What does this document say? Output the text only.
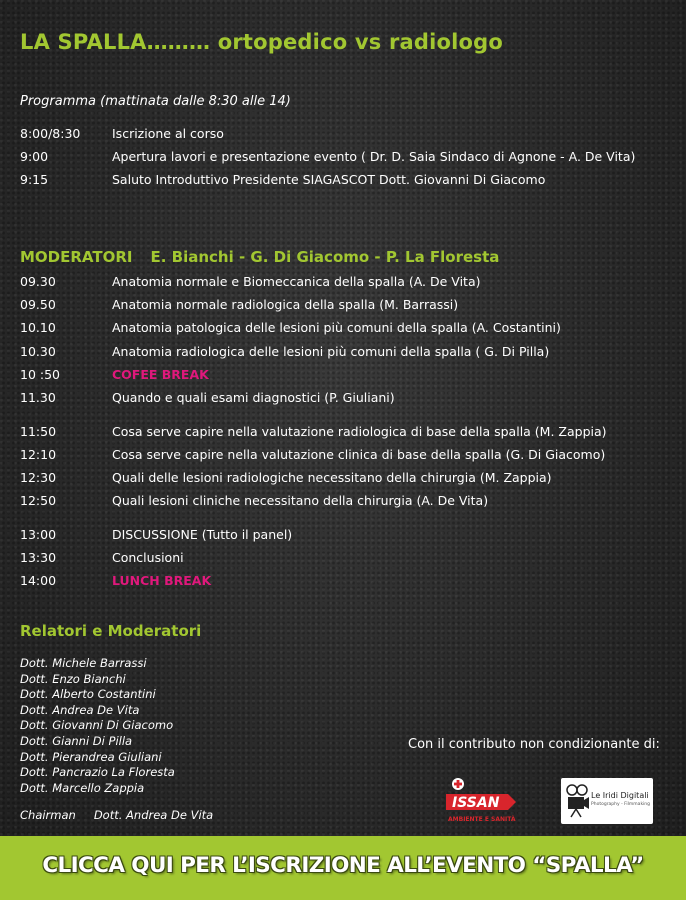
LA SPALLA……… ortopedico vs radiologo
Programma (mattinata dalle 8:30 alle 14)
8:00/8:30	Iscrizione al corso
9:00	Apertura lavori e presentazione evento ( Dr. D. Saia Sindaco di Agnone - A. De Vita)
9:15	Saluto Introduttivo Presidente SIAGASCOT Dott. Giovanni Di Giacomo
MODERATORI E. Bianchi - G. Di Giacomo - P. La Floresta
09.30	Anatomia normale e Biomeccanica della spalla (A. De Vita)
09.50	Anatomia normale radiologica della spalla (M. Barrassi)
10.10	Anatomia patologica delle lesioni più comuni della spalla (A. Costantini)
10.30	Anatomia radiologica delle lesioni più comuni della spalla ( G. Di Pilla)
10 :50	COFEE BREAK
11.30	Quando e quali esami diagnostici (P. Giuliani)
11:50	Cosa serve capire nella valutazione radiologica di base della spalla (M. Zappia)
12:10	Cosa serve capire nella valutazione clinica di base della spalla (G. Di Giacomo)
12:30	Quali delle lesioni radiologiche necessitano della chirurgia (M. Zappia)
12:50	Quali lesioni cliniche necessitano della chirurgia (A. De Vita)
13:00	DISCUSSIONE (Tutto il panel)
13:30	Conclusioni
14:00	LUNCH BREAK
Relatori e Moderatori
Dott. Michele Barrassi
Dott. Enzo Bianchi
Dott. Alberto Costantini
Dott. Andrea De Vita
Dott. Giovanni Di Giacomo
Dott. Gianni Di Pilla
Dott. Pierandrea Giuliani
Dott. Pancrazio La Floresta
Dott. Marcello Zappia
Chairman Dott. Andrea De Vita
Con il contributo non condizionante di:
ISSAN
AMBIENTE E SANITÀ
Le Iridi Digitali
Photography - Filmmaking
CLICCA QUI PER L’ISCRIZIONE ALL’EVENTO “SPALLA”
